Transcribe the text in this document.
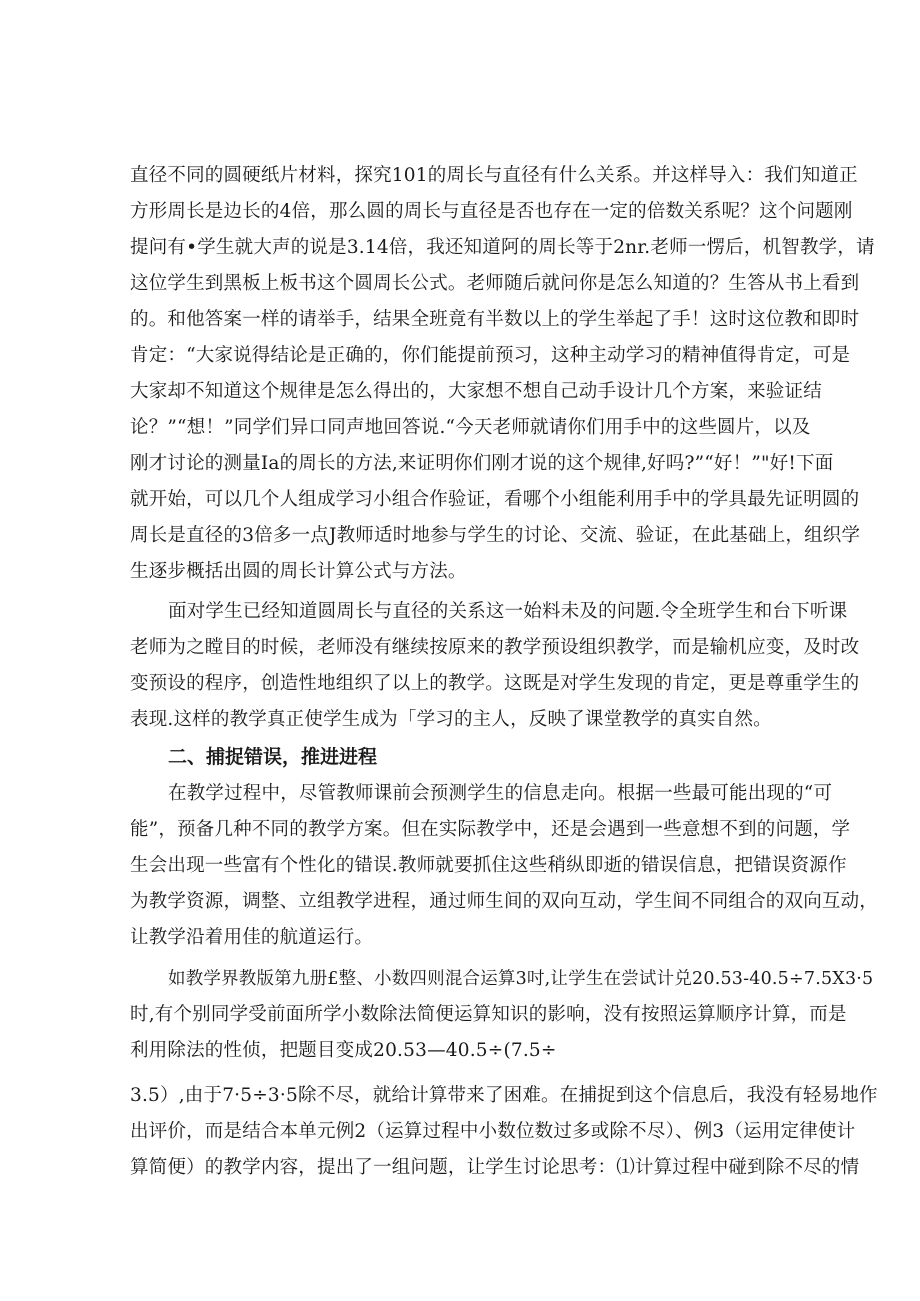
直径不同的圆硬纸片材料，探究101的周长与直径有什么关系。并这样导入：我们知道正
方形周长是边长的4倍，那么圆的周长与直径是否也存在一定的倍数关系呢？这个问题刚
提问有•学生就大声的说是3.14倍，我还知道阿的周长等于2nr.老师一愣后，机智教学，请
这位学生到黑板上板书这个圆周长公式。老师随后就问你是怎么知道的？生答从书上看到
的。和他答案一样的请举手，结果全班竟有半数以上的学生举起了手！这时这位教和即时
肯定：“大家说得结论是正确的，你们能提前预习，这种主动学习的精神值得肯定，可是
大家却不知道这个规律是怎么得出的，大家想不想自己动手设计几个方案，来验证结
论？”“想！”同学们异口同声地回答说.“今天老师就请你们用手中的这些圆片，以及
刚才讨论的测量Ia的周长的方法,来证明你们刚才说的这个规律,好吗?”“好！”"好!下面
就开始，可以几个人组成学习小组合作验证，看哪个小组能利用手中的学具最先证明圆的
周长是直径的3倍多一点J教师适时地参与学生的讨论、交流、验证，在此基础上，组织学
生逐步概括出圆的周长计算公式与方法。
面对学生已经知道圆周长与直径的关系这一始料未及的问题.令全班学生和台下听课
老师为之瞠目的时候，老师没有继续按原来的教学预设组织教学，而是输机应变，及时改
变预设的程序，创造性地组织了以上的教学。这既是对学生发现的肯定，更是尊重学生的
表现.这样的教学真正使学生成为「学习的主人，反映了课堂教学的真实自然。
二、捕捉错误，推进进程
在教学过程中，尽管教师课前会预测学生的信息走向。根据一些最可能出现的“可
能”，预备几种不同的教学方案。但在实际教学中，还是会遇到一些意想不到的问题，学
生会出现一些富有个性化的错误.教师就要抓住这些稍纵即逝的错误信息，把错误资源作
为教学资源，调整、立组教学进程，通过师生间的双向互动，学生间不同组合的双向互动，
让教学沿着用佳的航道运行。
如教学界教版第九册£整、小数四则混合运算3吋,让学生在尝试计兑20.53-40.5÷7.5X3·5
时,有个别同学受前面所学小数除法简便运算知识的影响，没有按照运算顺序计算，而是
利用除法的性侦，把题目变成20.53—40.5÷(7.5÷
3.5）,由于7·5÷3·5除不尽，就给计算带来了困难。在捕捉到这个信息后，我没有轻易地作
出评价，而是结合本单元例2（运算过程中小数位数过多或除不尽）、例3（运用定律使计
算简便）的教学内容，提出了一组问题，让学生讨论思考：⑴计算过程中碰到除不尽的情
